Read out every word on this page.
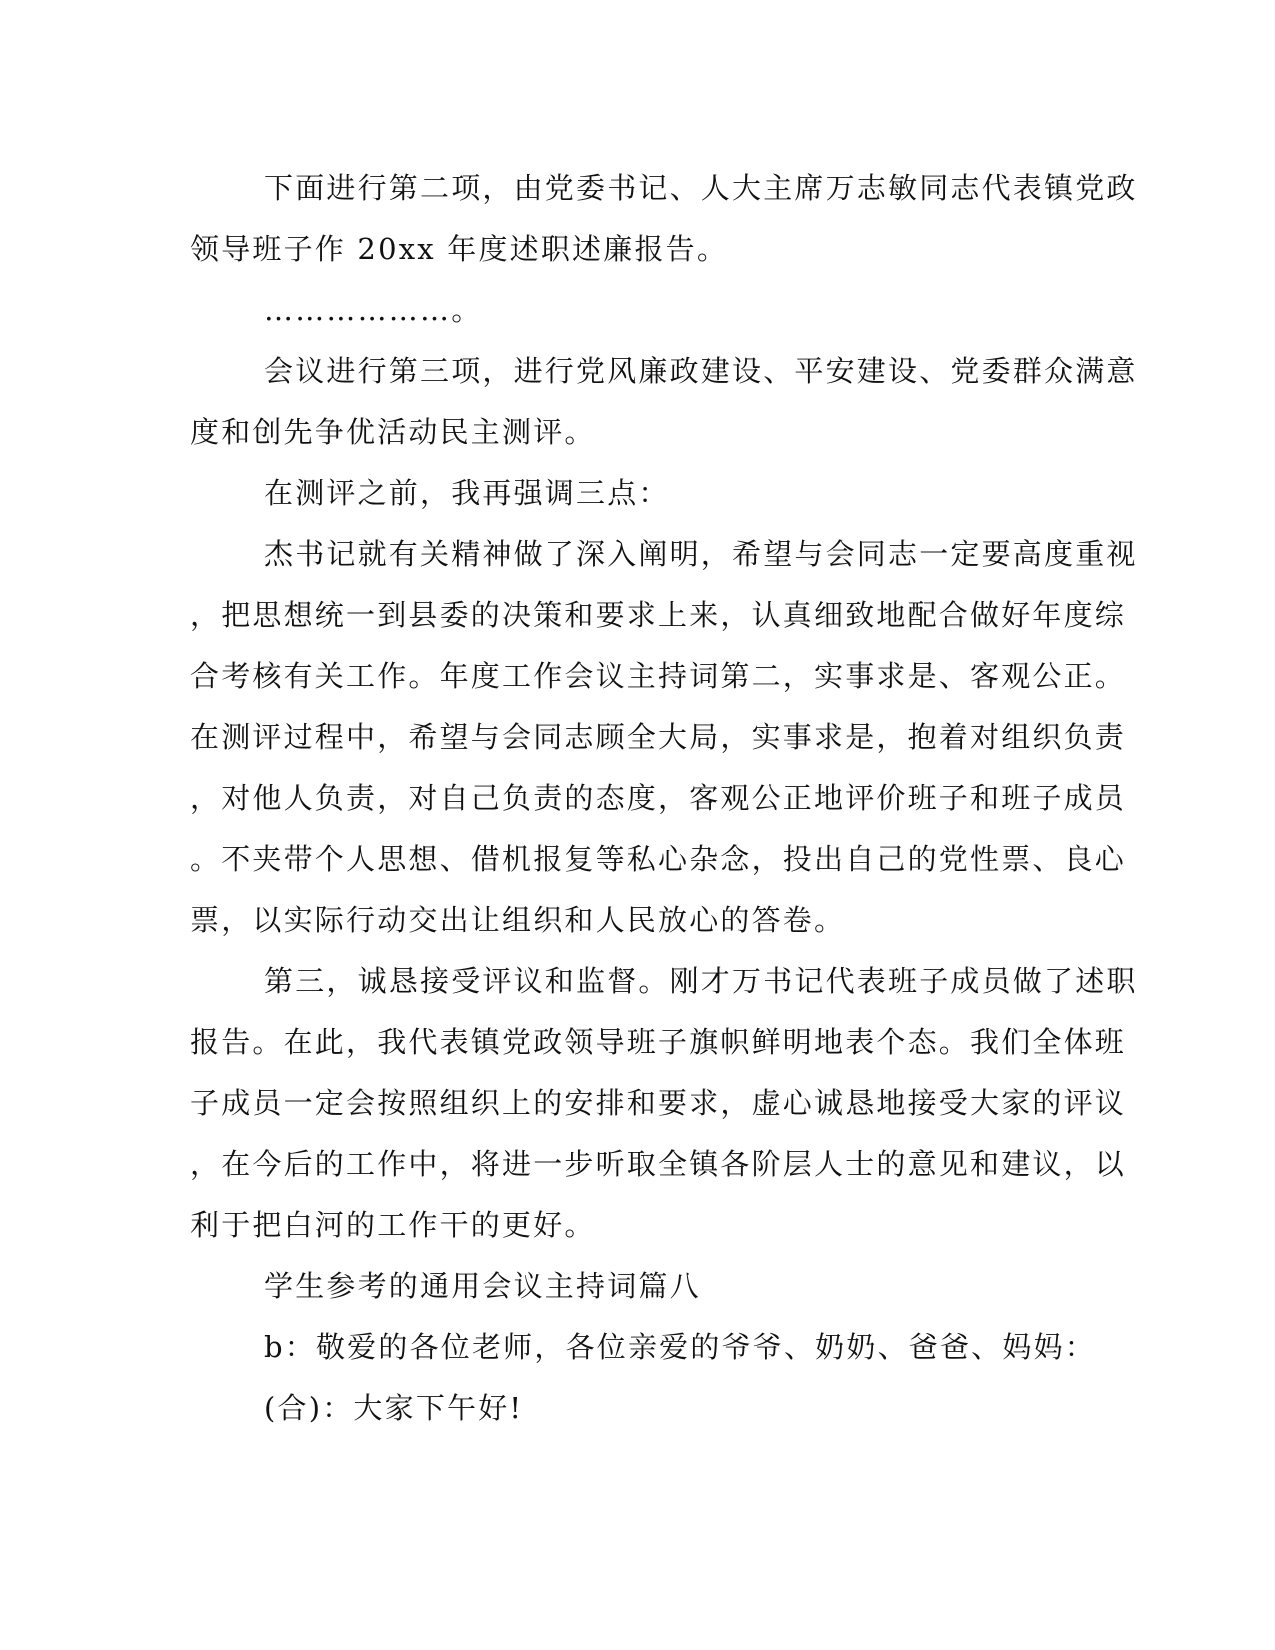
下面进行第二项，由党委书记、人大主席万志敏同志代表镇党政
领导班子作 20xx 年度述职述廉报告。
………………。
会议进行第三项，进行党风廉政建设、平安建设、党委群众满意
度和创先争优活动民主测评。
在测评之前，我再强调三点：
杰书记就有关精神做了深入阐明，希望与会同志一定要高度重视
，把思想统一到县委的决策和要求上来，认真细致地配合做好年度综
合考核有关工作。年度工作会议主持词第二，实事求是、客观公正。
在测评过程中，希望与会同志顾全大局，实事求是，抱着对组织负责
，对他人负责，对自己负责的态度，客观公正地评价班子和班子成员
。不夹带个人思想、借机报复等私心杂念，投出自己的党性票、良心
票，以实际行动交出让组织和人民放心的答卷。
第三，诚恳接受评议和监督。刚才万书记代表班子成员做了述职
报告。在此，我代表镇党政领导班子旗帜鲜明地表个态。我们全体班
子成员一定会按照组织上的安排和要求，虚心诚恳地接受大家的评议
，在今后的工作中，将进一步听取全镇各阶层人士的意见和建议，以
利于把白河的工作干的更好。
学生参考的通用会议主持词篇八
b：敬爱的各位老师，各位亲爱的爷爷、奶奶、爸爸、妈妈：
(合)：大家下午好!
